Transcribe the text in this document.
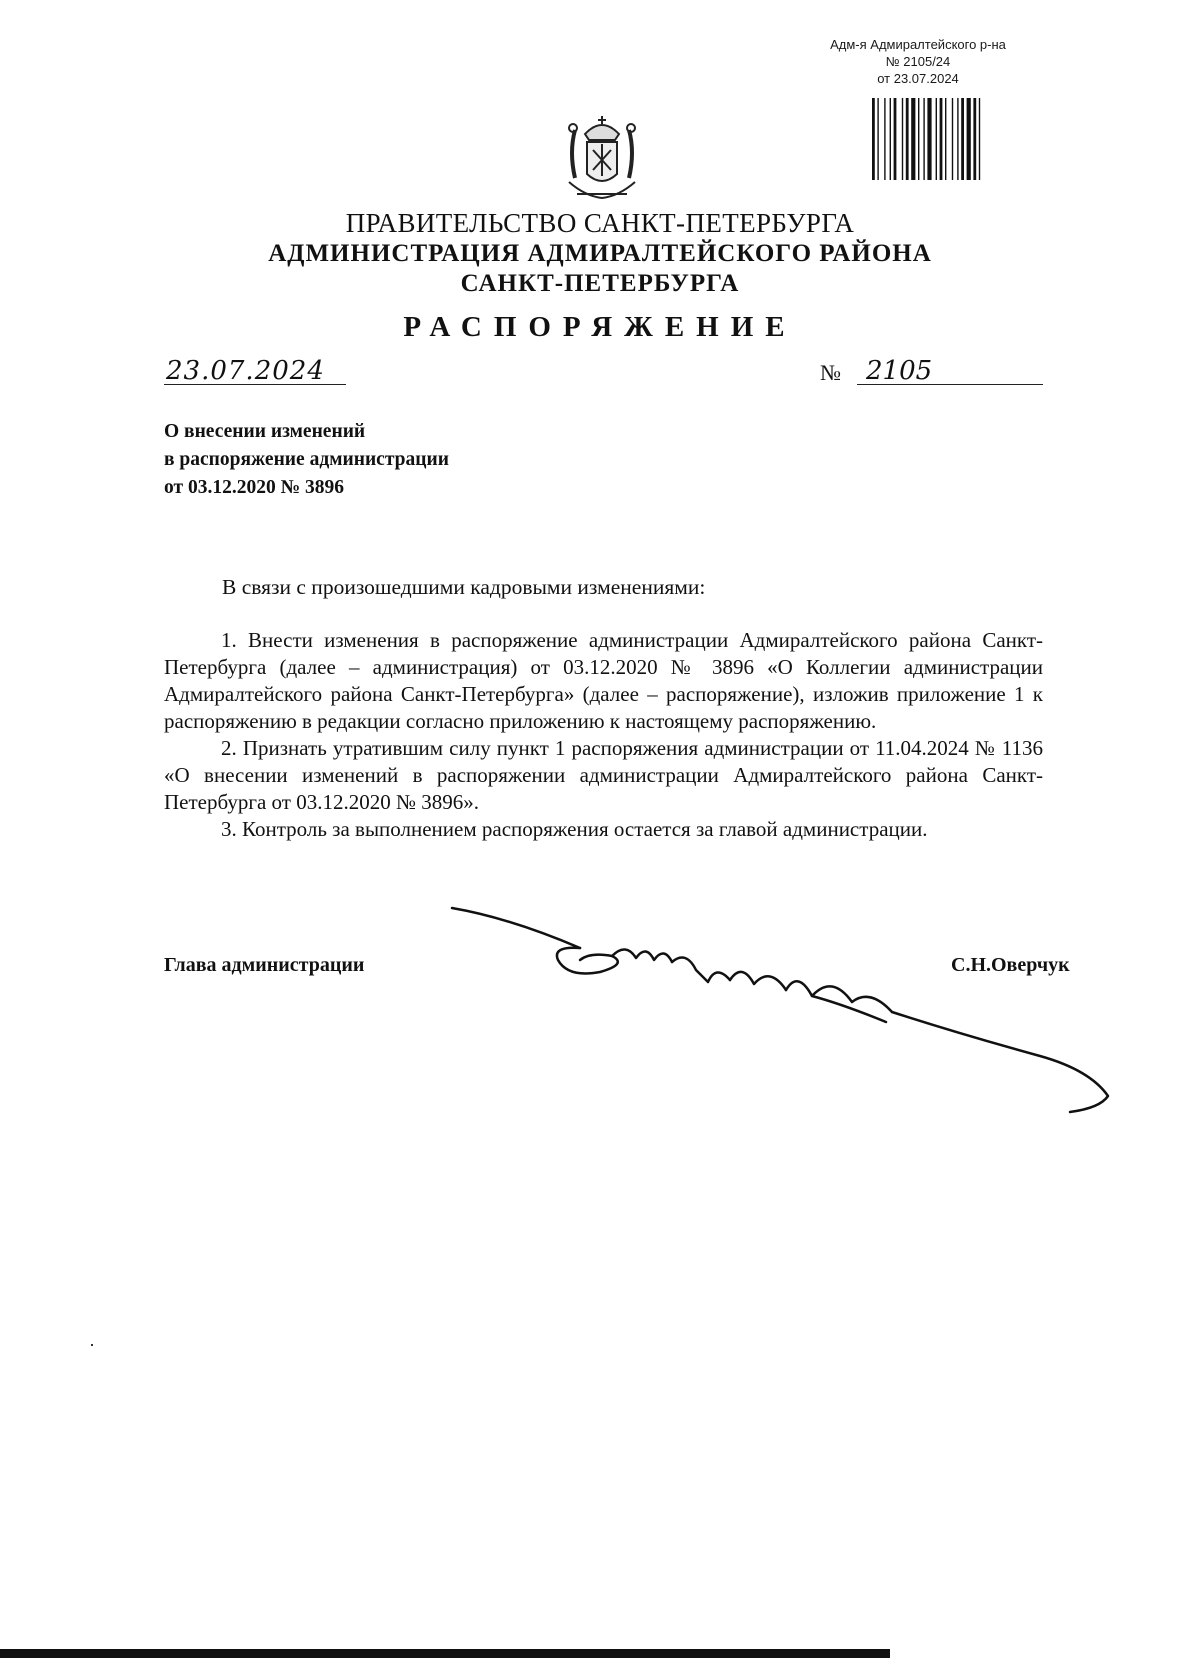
Адм-я Адмиралтейского р-на
№ 2105/24
от 23.07.2024
ПРАВИТЕЛЬСТВО САНКТ-ПЕТЕРБУРГА
АДМИНИСТРАЦИЯ АДМИРАЛТЕЙСКОГО РАЙОНА
САНКТ-ПЕТЕРБУРГА
РАСПОРЯЖЕНИЕ
23.07.2024	№ 2105
О внесении изменений
в распоряжение администрации
от 03.12.2020 № 3896
В связи с произошедшими кадровыми изменениями:

1. Внести изменения в распоряжение администрации Адмиралтейского района Санкт-Петербурга (далее – администрация) от 03.12.2020 № 3896 «О Коллегии администрации Адмиралтейского района Санкт-Петербурга» (далее – распоряжение), изложив приложение 1 к распоряжению в редакции согласно приложению к настоящему распоряжению.

2. Признать утратившим силу пункт 1 распоряжения администрации от 11.04.2024 № 1136 «О внесении изменений в распоряжении администрации Адмиралтейского района Санкт-Петербурга от 03.12.2020 № 3896».

3. Контроль за выполнением распоряжения остается за главой администрации.

Глава администрации	С.Н.Оверчук
